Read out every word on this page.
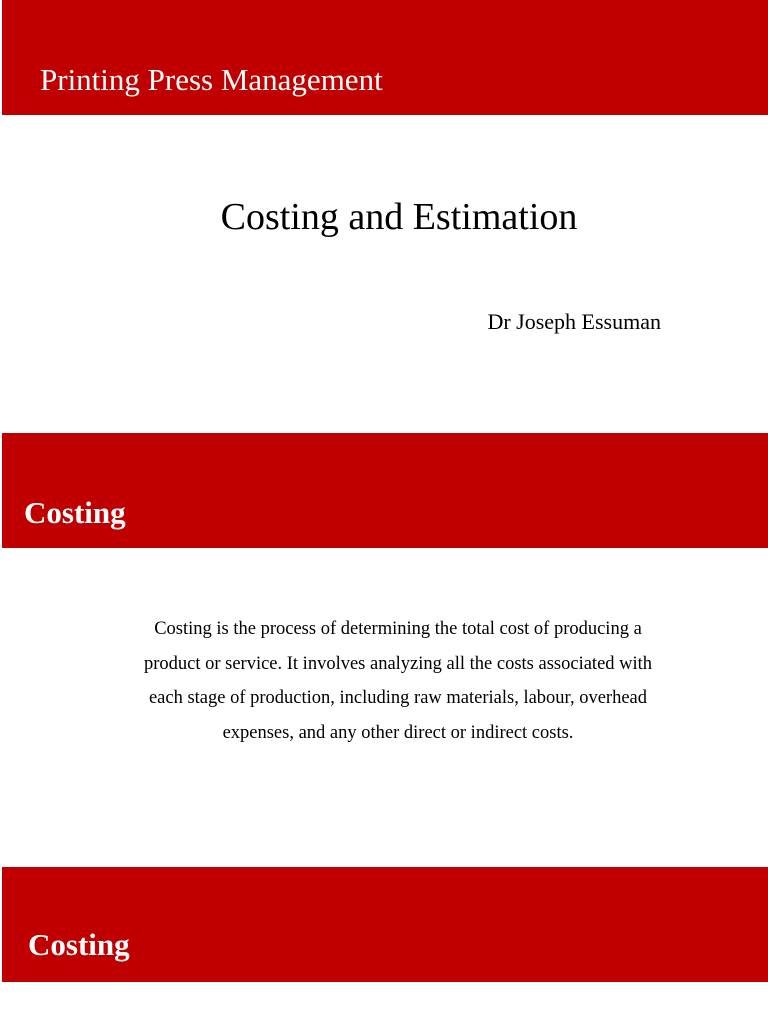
Printing Press Management
Costing and Estimation
Dr Joseph Essuman
Costing
Costing is the process of determining the total cost of producing a
product or service. It involves analyzing all the costs associated with
each stage of production, including raw materials, labour, overhead
expenses, and any other direct or indirect costs.
Costing
